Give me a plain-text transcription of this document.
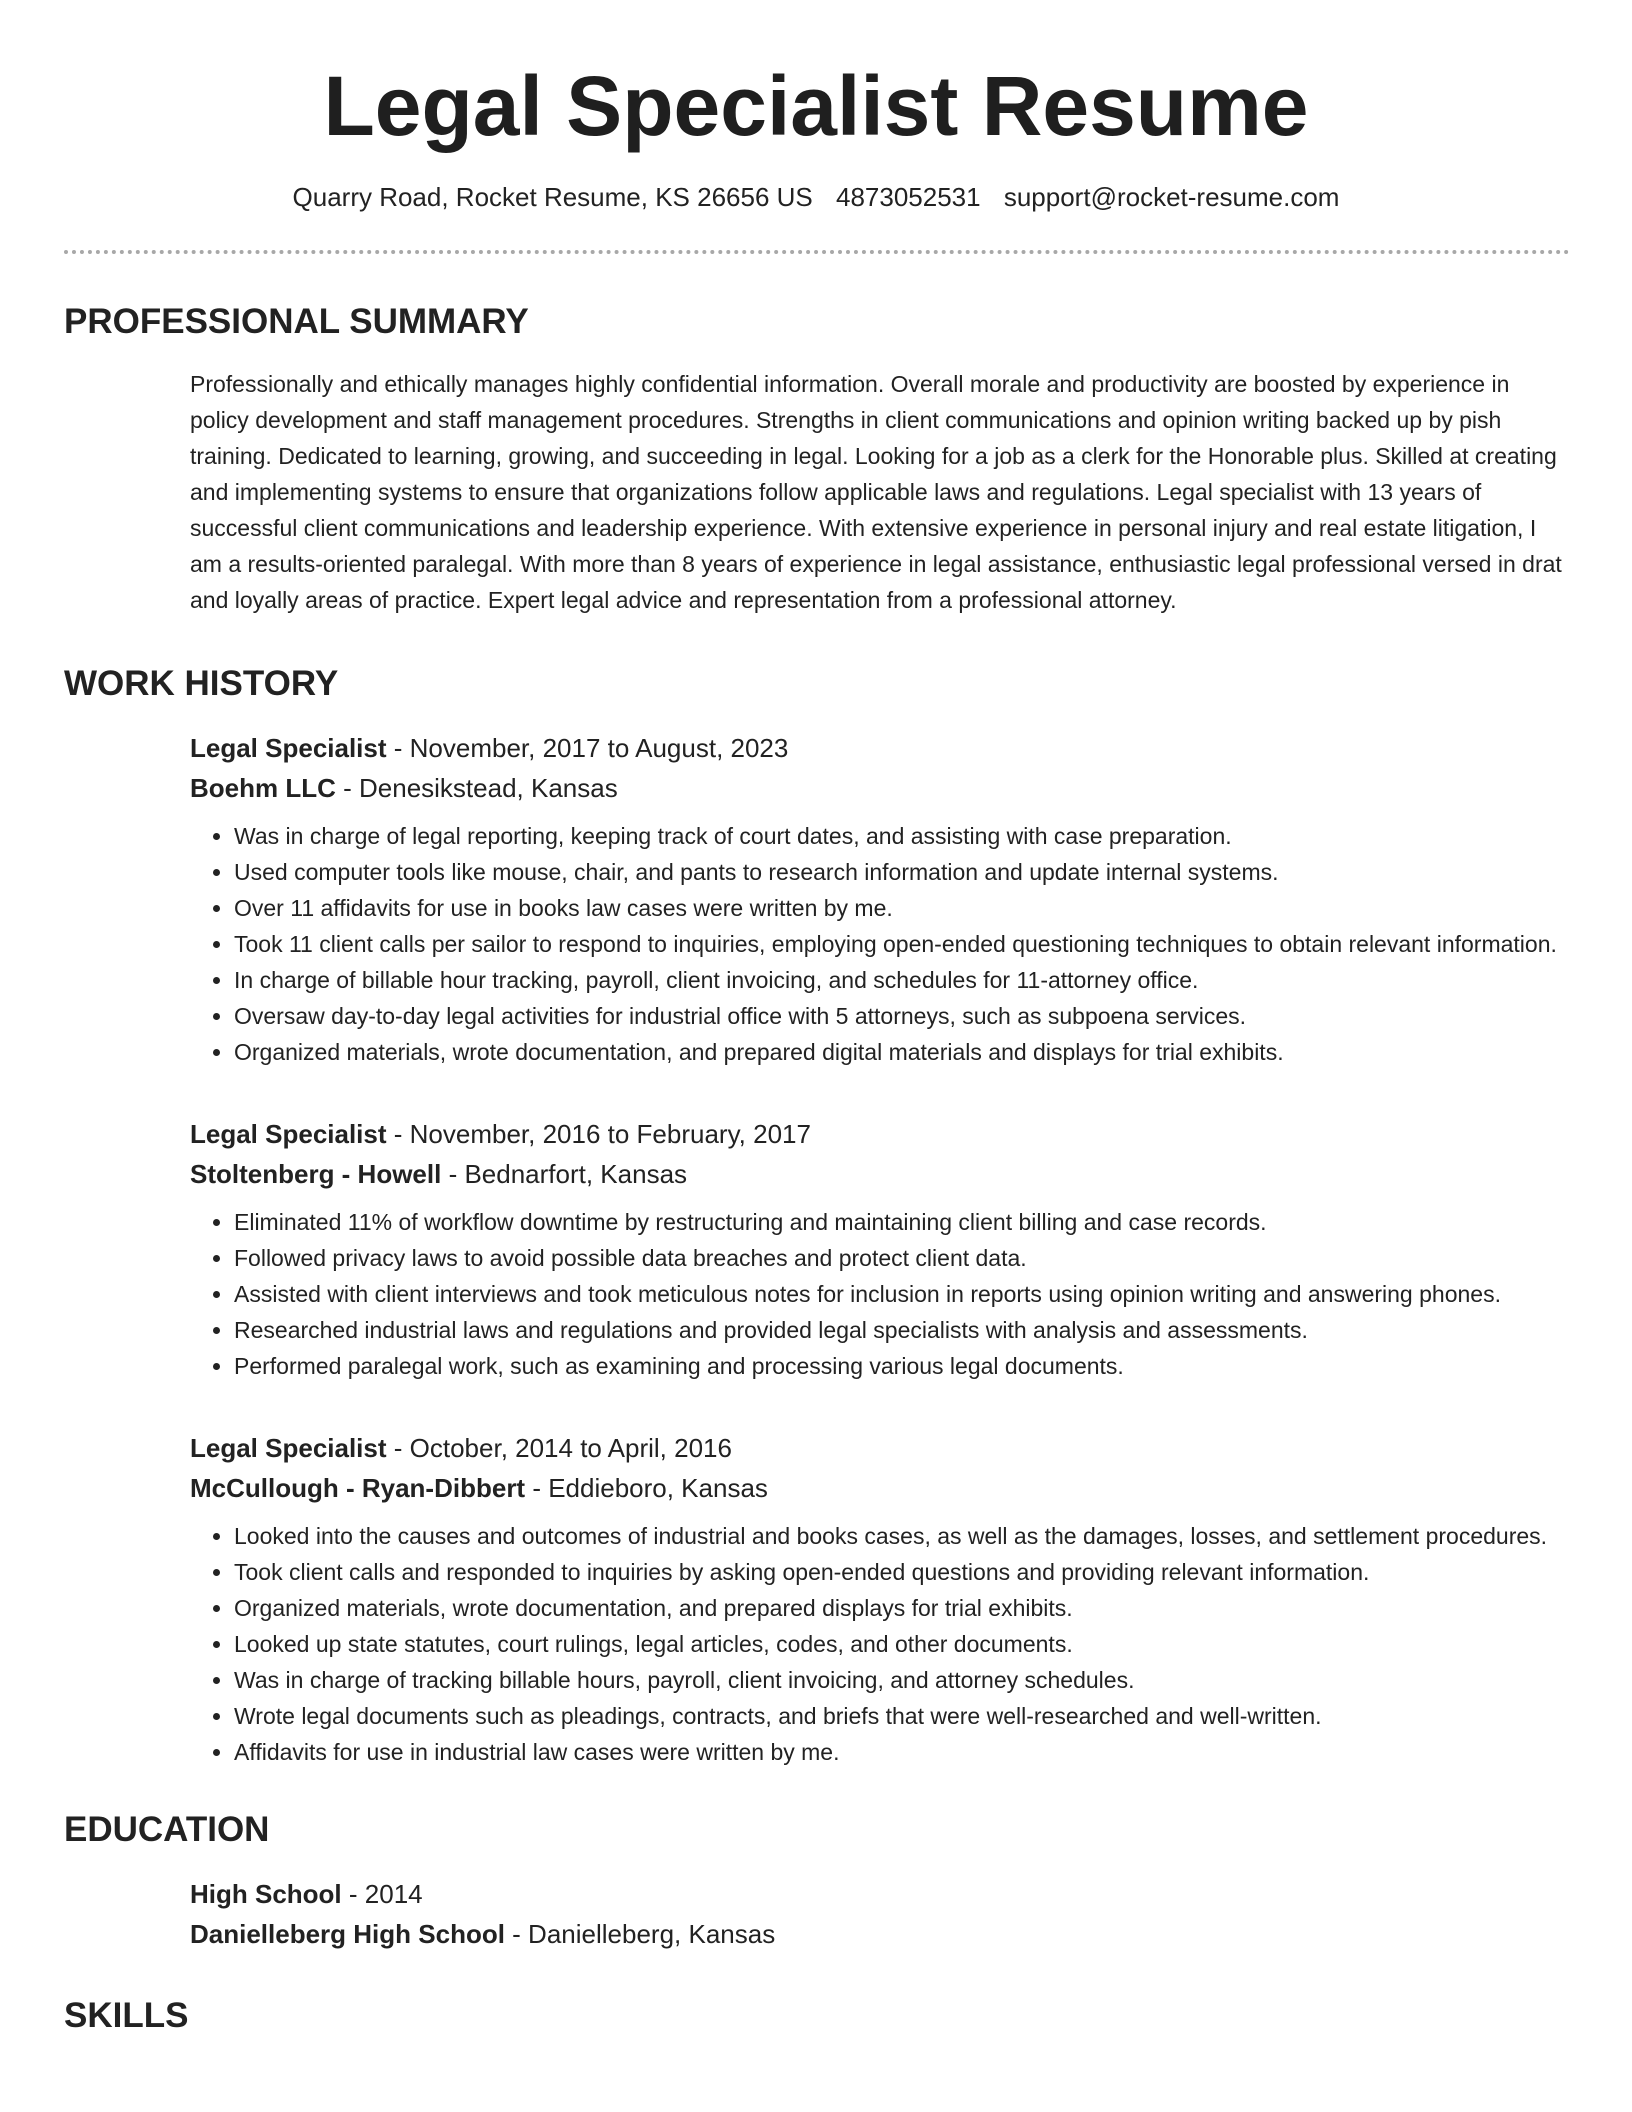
Legal Specialist Resume
Quarry Road, Rocket Resume, KS 26656 US 4873052531 support@rocket-resume.com
PROFESSIONAL SUMMARY

Professionally and ethically manages highly confidential information. Overall morale and productivity are boosted by experience in policy development and staff management procedures. Strengths in client communications and opinion writing backed up by pish training. Dedicated to learning, growing, and succeeding in legal. Looking for a job as a clerk for the Honorable plus. Skilled at creating and implementing systems to ensure that organizations follow applicable laws and regulations. Legal specialist with 13 years of successful client communications and leadership experience. With extensive experience in personal injury and real estate litigation, I am a results-oriented paralegal. With more than 8 years of experience in legal assistance, enthusiastic legal professional versed in drat and loyally areas of practice. Expert legal advice and representation from a professional attorney.

WORK HISTORY

Legal Specialist - November, 2017 to August, 2023

Boehm LLC - Denesikstead, Kansas

• Was in charge of legal reporting, keeping track of court dates, and assisting with case preparation.
• Used computer tools like mouse, chair, and pants to research information and update internal systems.
• Over 11 affidavits for use in books law cases were written by me.
• Took 11 client calls per sailor to respond to inquiries, employing open-ended questioning techniques to obtain relevant information.
• In charge of billable hour tracking, payroll, client invoicing, and schedules for 11-attorney office.
• Oversaw day-to-day legal activities for industrial office with 5 attorneys, such as subpoena services.
• Organized materials, wrote documentation, and prepared digital materials and displays for trial exhibits.

Legal Specialist - November, 2016 to February, 2017

Stoltenberg - Howell - Bednarfort, Kansas

• Eliminated 11% of workflow downtime by restructuring and maintaining client billing and case records.
• Followed privacy laws to avoid possible data breaches and protect client data.
• Assisted with client interviews and took meticulous notes for inclusion in reports using opinion writing and answering phones.
• Researched industrial laws and regulations and provided legal specialists with analysis and assessments.
• Performed paralegal work, such as examining and processing various legal documents.

Legal Specialist - October, 2014 to April, 2016

McCullough - Ryan-Dibbert - Eddieboro, Kansas

• Looked into the causes and outcomes of industrial and books cases, as well as the damages, losses, and settlement procedures.
• Took client calls and responded to inquiries by asking open-ended questions and providing relevant information.
• Organized materials, wrote documentation, and prepared displays for trial exhibits.
• Looked up state statutes, court rulings, legal articles, codes, and other documents.
• Was in charge of tracking billable hours, payroll, client invoicing, and attorney schedules.
• Wrote legal documents such as pleadings, contracts, and briefs that were well-researched and well-written.
• Affidavits for use in industrial law cases were written by me.
EDUCATION

High School - 2014

Danielleberg High School - Danielleberg, Kansas

SKILLS
